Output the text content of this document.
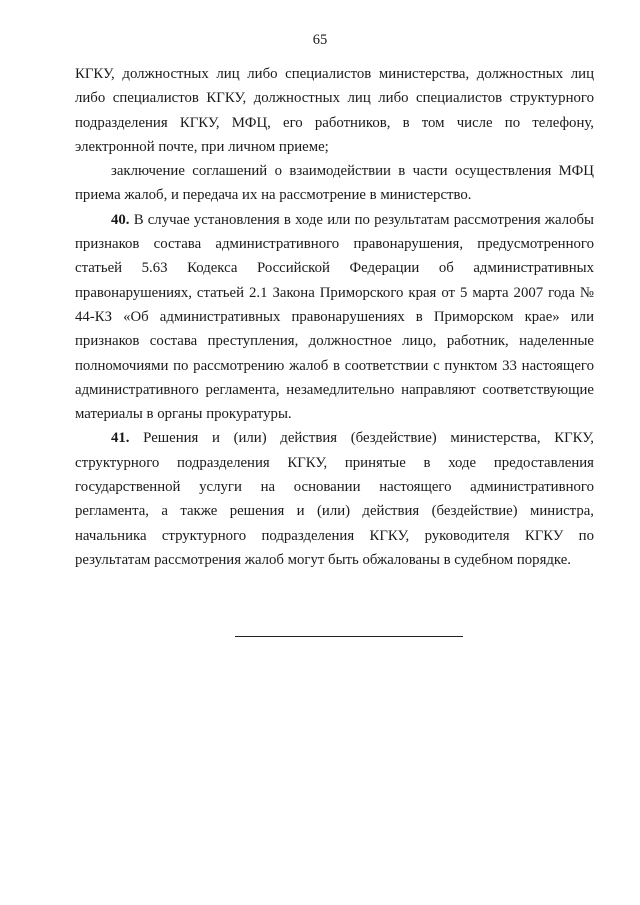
65

КГКУ, должностных лиц либо специалистов министерства, должностных лиц либо специалистов КГКУ, должностных лиц либо специалистов структурного подразделения КГКУ, МФЦ, его работников, в том числе по телефону, электронной почте, при личном приеме;

заключение соглашений о взаимодействии в части осуществления МФЦ приема жалоб, и передача их на рассмотрение в министерство.

40. В случае установления в ходе или по результатам рассмотрения жалобы признаков состава административного правонарушения, предусмотренного статьей 5.63 Кодекса Российской Федерации об административных правонарушениях, статьей 2.1 Закона Приморского края от 5 марта 2007 года № 44-КЗ «Об административных правонарушениях в Приморском крае» или признаков состава преступления, должностное лицо, работник, наделенные полномочиями по рассмотрению жалоб в соответствии с пунктом 33 настоящего административного регламента, незамедлительно направляют соответствующие материалы в органы прокуратуры.

41. Решения и (или) действия (бездействие) министерства, КГКУ, структурного подразделения КГКУ, принятые в ходе предоставления государственной услуги на основании настоящего административного регламента, а также решения и (или) действия (бездействие) министра, начальника структурного подразделения КГКУ, руководителя КГКУ по результатам рассмотрения жалоб могут быть обжалованы в судебном порядке.
